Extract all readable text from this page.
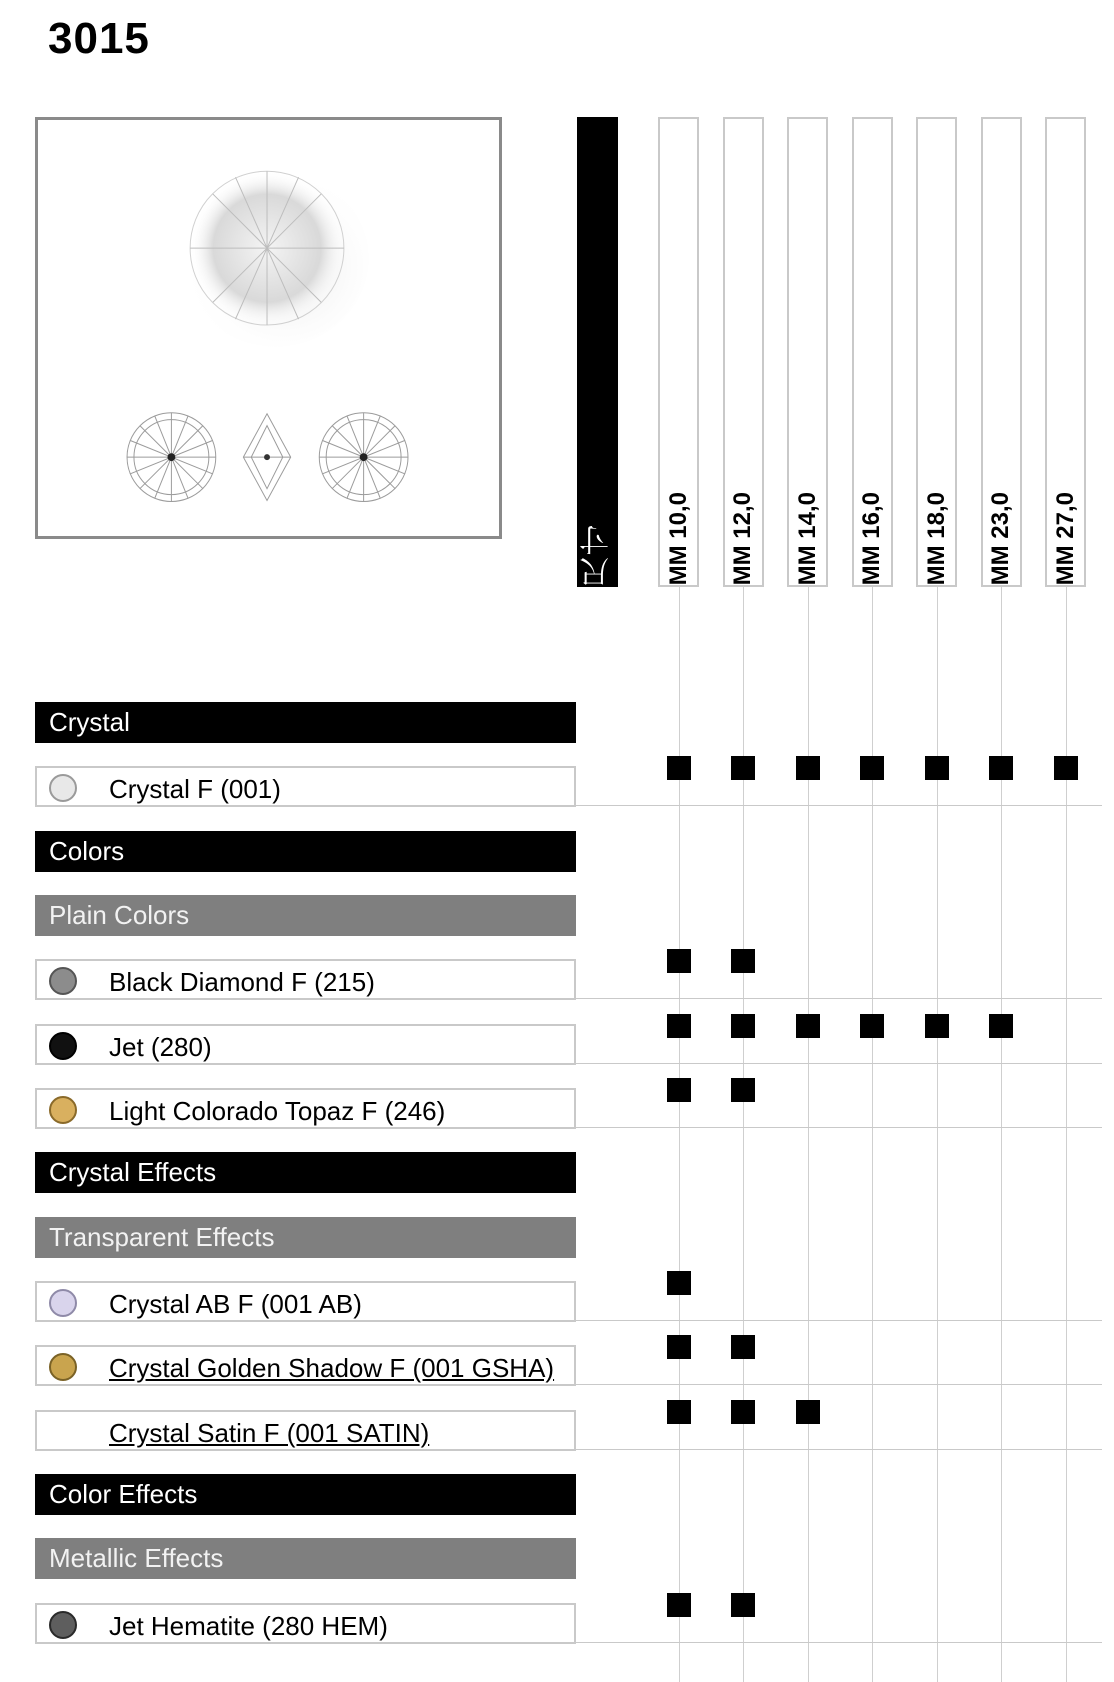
3015
尺寸 MM 10,0 MM 12,0 MM 14,0 MM 16,0 MM 18,0 MM 23,0 MM 27,0
Crystal
Crystal F (001)
Colors
Plain Colors
Black Diamond F (215)
Jet (280)
Light Colorado Topaz F (246)
Crystal Effects
Transparent Effects
Crystal AB F (001 AB)
Crystal Golden Shadow F (001 GSHA)
Crystal Satin F (001 SATIN)
Color Effects
Metallic Effects
Jet Hematite (280 HEM)
